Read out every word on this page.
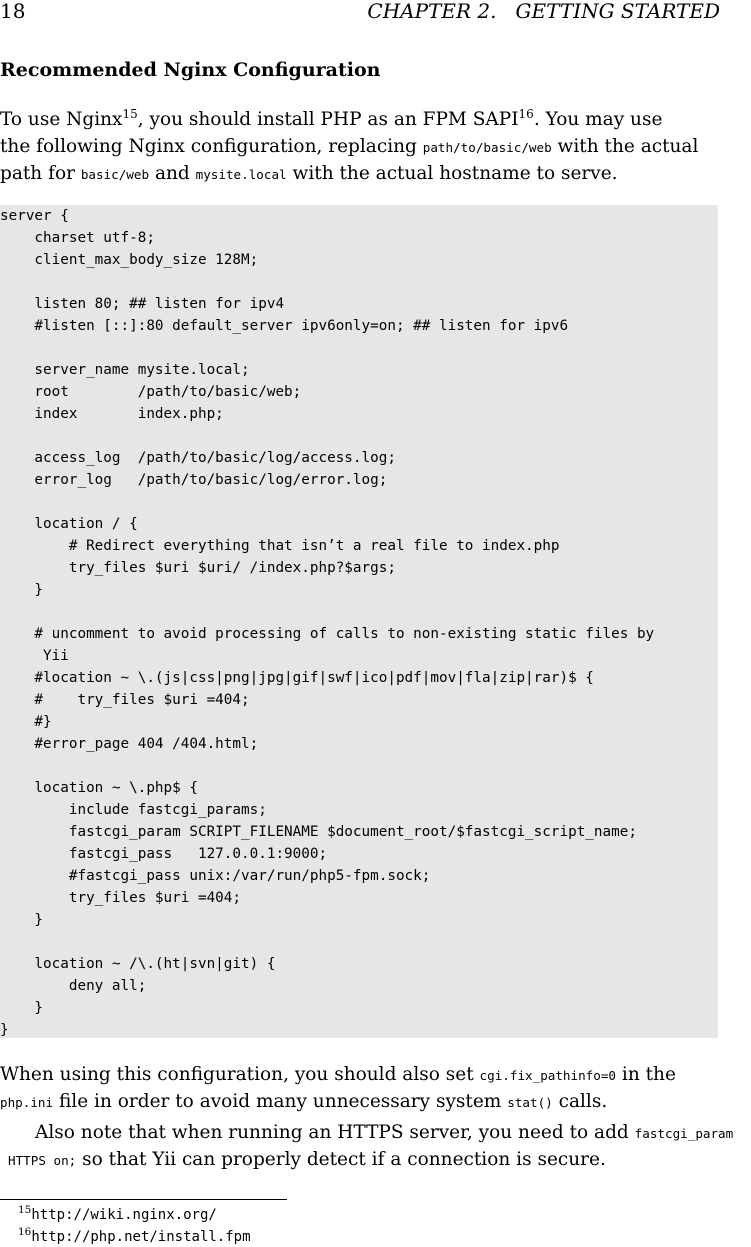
18	CHAPTER 2.   GETTING STARTED
Recommended Nginx Configuration
To use Nginx$^{15}$, you should install PHP as an FPM SAPI$^{16}$. You may use
the following Nginx configuration, replacing path/to/basic/web with the actual
path for basic/web and mysite.local with the actual hostname to serve.
server {
charset utf-8;
client_max_body_size 128M;
listen 80; ## listen for ipv4
#listen [::]:80 default_server ipv6only=on; ## listen for ipv6
server_name mysite.local;
root        /path/to/basic/web;
index       index.php;
access_log  /path/to/basic/log/access.log;
error_log   /path/to/basic/log/error.log;
location / {
# Redirect everything that isn’t a real file to index.php
try_files $uri $uri/ /index.php?$args;
}
# uncomment to avoid processing of calls to non-existing static files by
Yii
#location ~ \.(js|css|png|jpg|gif|swf|ico|pdf|mov|fla|zip|rar)$ {
#    try_files $uri =404;
#}
#error_page 404 /404.html;
location ~ \.php$ {
include fastcgi_params;
fastcgi_param SCRIPT_FILENAME $document_root/$fastcgi_script_name;
fastcgi_pass   127.0.0.1:9000;
#fastcgi_pass unix:/var/run/php5-fpm.sock;
try_files $uri =404;
}
location ~ /\.(ht|svn|git) {
deny all;
}
}
When using this configuration, you should also set cgi.fix_pathinfo=0 in the
php.ini file in order to avoid many unnecessary system stat() calls.
Also note that when running an HTTPS server, you need to add fastcgi_param
HTTPS on; so that Yii can properly detect if a connection is secure.
$^{15}$http://wiki.nginx.org/
$^{16}$http://php.net/install.fpm
